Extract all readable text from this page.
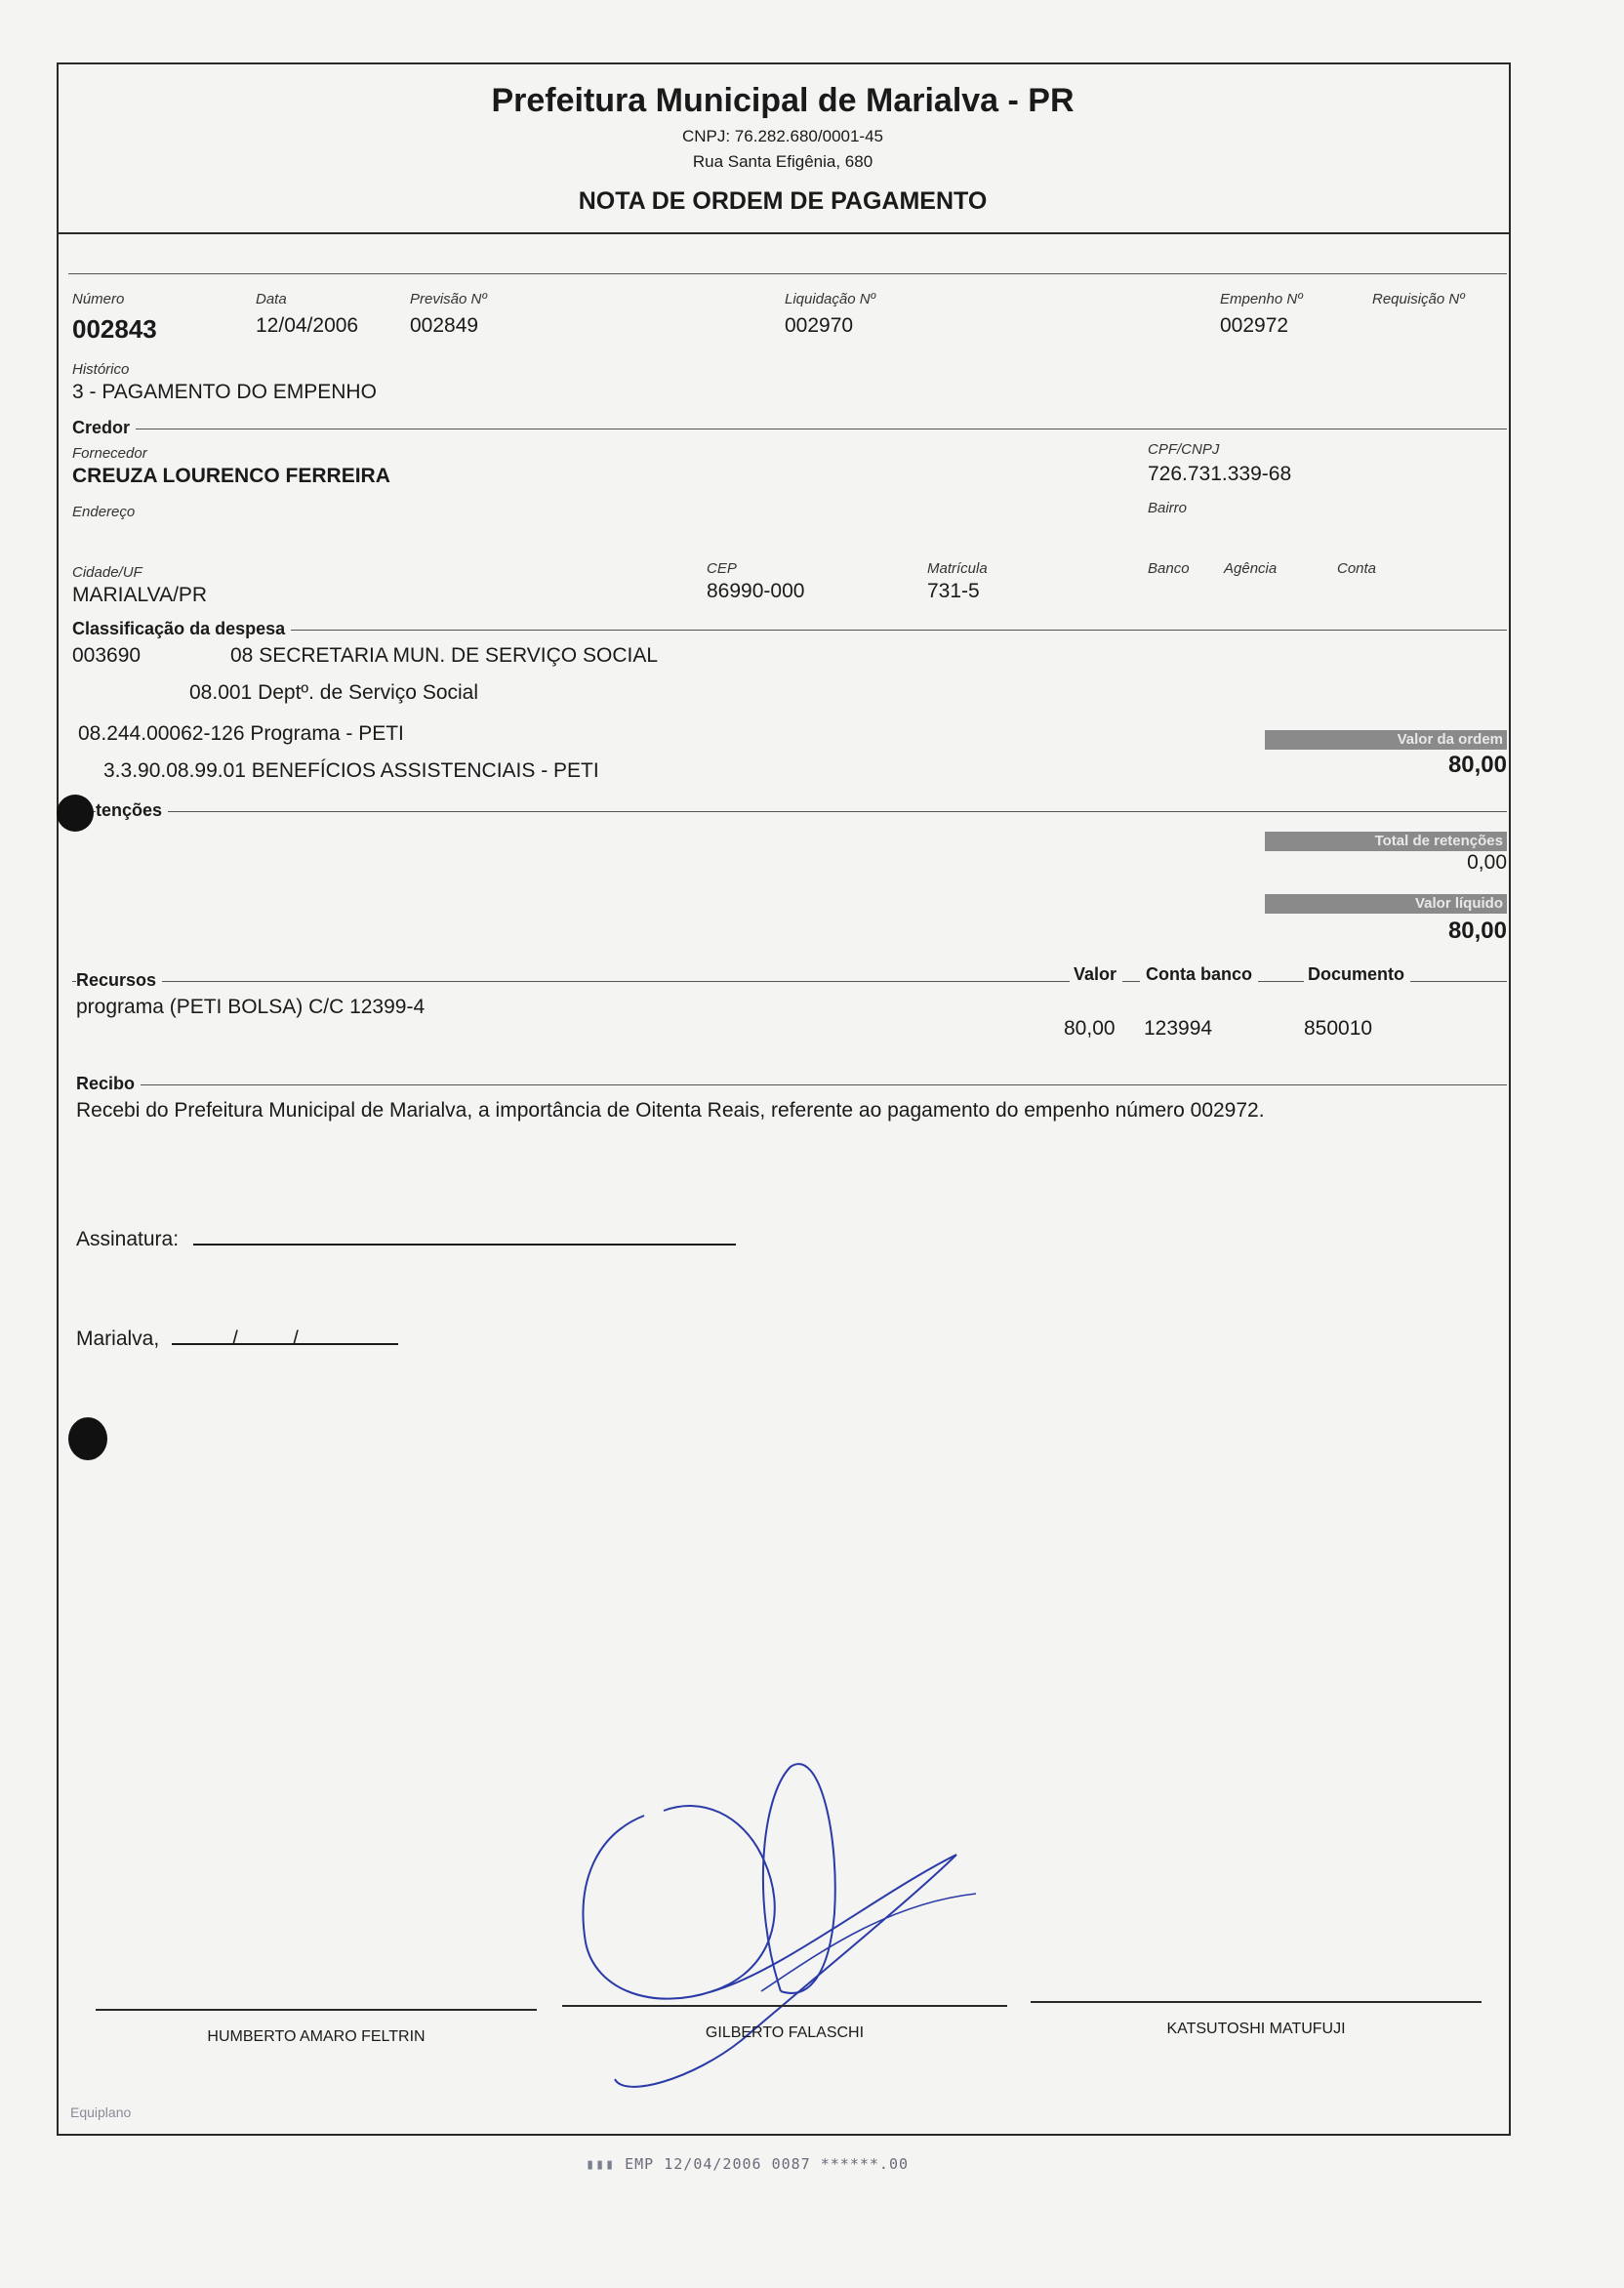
Prefeitura Municipal de Marialva - PR
CNPJ: 76.282.680/0001-45
Rua Santa Efigênia, 680
NOTA DE ORDEM DE PAGAMENTO
Número
002843
Data
12/04/2006
Previsão Nº
002849
Liquidação Nº
002970
Empenho Nº
002972
Requisição Nº
Histórico
3 - PAGAMENTO DO EMPENHO
Credor
Fornecedor
CREUZA LOURENCO FERREIRA
CPF/CNPJ
726.731.339-68
Endereço	Bairro
Cidade/UF
MARIALVA/PR
CEP
86990-000
Matrícula
731-5
Banco Agência	Conta
Classificação da despesa
003690	08 SECRETARIA MUN. DE SERVIÇO SOCIAL
08.001 Deptº. de Serviço Social
08.244.00062-126 Programa - PETI
3.3.90.08.99.01 BENEFÍCIOS ASSISTENCIAIS - PETI
Valor da ordem
80,00
tenções
Total de retenções
0,00
Valor líquido
80,00
Recursos	Valor	Conta banco	Documento
programa (PETI BOLSA) C/C 12399-4
80,00 123994	850010
Recibo
Recebi do Prefeitura Municipal de Marialva, a importância de Oitenta Reais, referente ao pagamento do empenho número 002972.
Assinatura:
Marialva,	/	/
HUMBERTO AMARO FELTRIN	GILBERTO FALASCHI	KATSUTOSHI MATUFUJI
Equiplano
▮▮▮ EMP 12/04/2006 0087 ******.00
